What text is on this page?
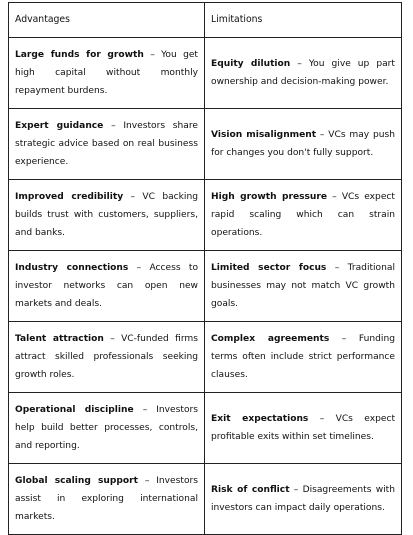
Advantages	Limitations
Large funds for growth – You get high capital without monthly repayment burdens.	Equity dilution – You give up part ownership and decision-making power.
Expert guidance – Investors share strategic advice based on real business experience.	Vision misalignment – VCs may push for changes you don't fully support.
Improved credibility – VC backing builds trust with customers, suppliers, and banks.	High growth pressure – VCs expect rapid scaling which can strain operations.
Industry connections – Access to investor networks can open new markets and deals.	Limited sector focus – Traditional businesses may not match VC growth goals.
Talent attraction – VC-funded firms attract skilled professionals seeking growth roles.	Complex agreements – Funding terms often include strict performance clauses.
Operational discipline – Investors help build better processes, controls, and reporting.	Exit expectations – VCs expect profitable exits within set timelines.
Global scaling support – Investors assist in exploring international markets.	Risk of conflict – Disagreements with investors can impact daily operations.
